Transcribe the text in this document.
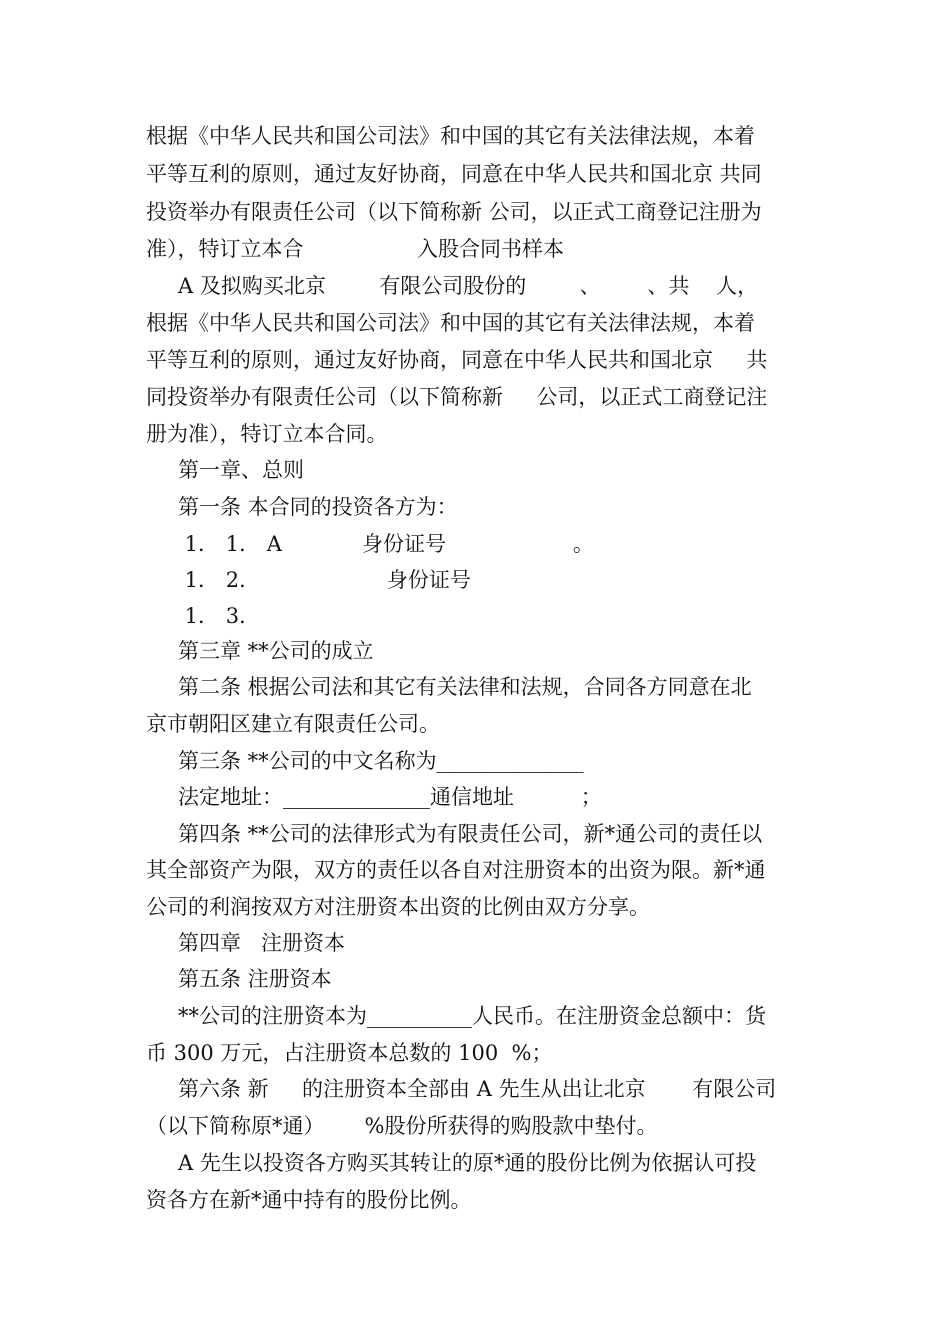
根据《中华人民共和国公司法》和中国的其它有关法律法规，本着
平等互利的原则，通过友好协商，同意在中华人民共和国北京 共同
投资举办有限责任公司（以下简称新 公司，以正式工商登记注册为
准），特订立本合                 入股合同书样本
A 及拟购买北京        有限公司股份的        、       、共    人，
根据《中华人民共和国公司法》和中国的其它有关法律法规，本着
平等互利的原则，通过友好协商，同意在中华人民共和国北京     共
同投资举办有限责任公司（以下简称新     公司，以正式工商登记注
册为准），特订立本合同。
第一章、总则
第一条 本合同的投资各方为：
1． 1． A            身份证号                   。
1． 2．                   身份证号
1． 3．
第三章 **公司的成立
第二条 根据公司法和其它有关法律和法规，合同各方同意在北
京市朝阳区建立有限责任公司。
第三条 **公司的中文名称为______________
法定地址：______________通信地址          ；
第四条 **公司的法律形式为有限责任公司，新*通公司的责任以
其全部资产为限，双方的责任以各自对注册资本的出资为限。新*通
公司的利润按双方对注册资本出资的比例由双方分享。
第四章   注册资本
第五条 注册资本
**公司的注册资本为__________人民币。在注册资金总额中：货
币 300 万元，占注册资本总数的 100  %；
第六条 新     的注册资本全部由 A 先生从出让北京       有限公司
（以下简称原*通）      %股份所获得的购股款中垫付。
A 先生以投资各方购买其转让的原*通的股份比例为依据认可投
资各方在新*通中持有的股份比例。
